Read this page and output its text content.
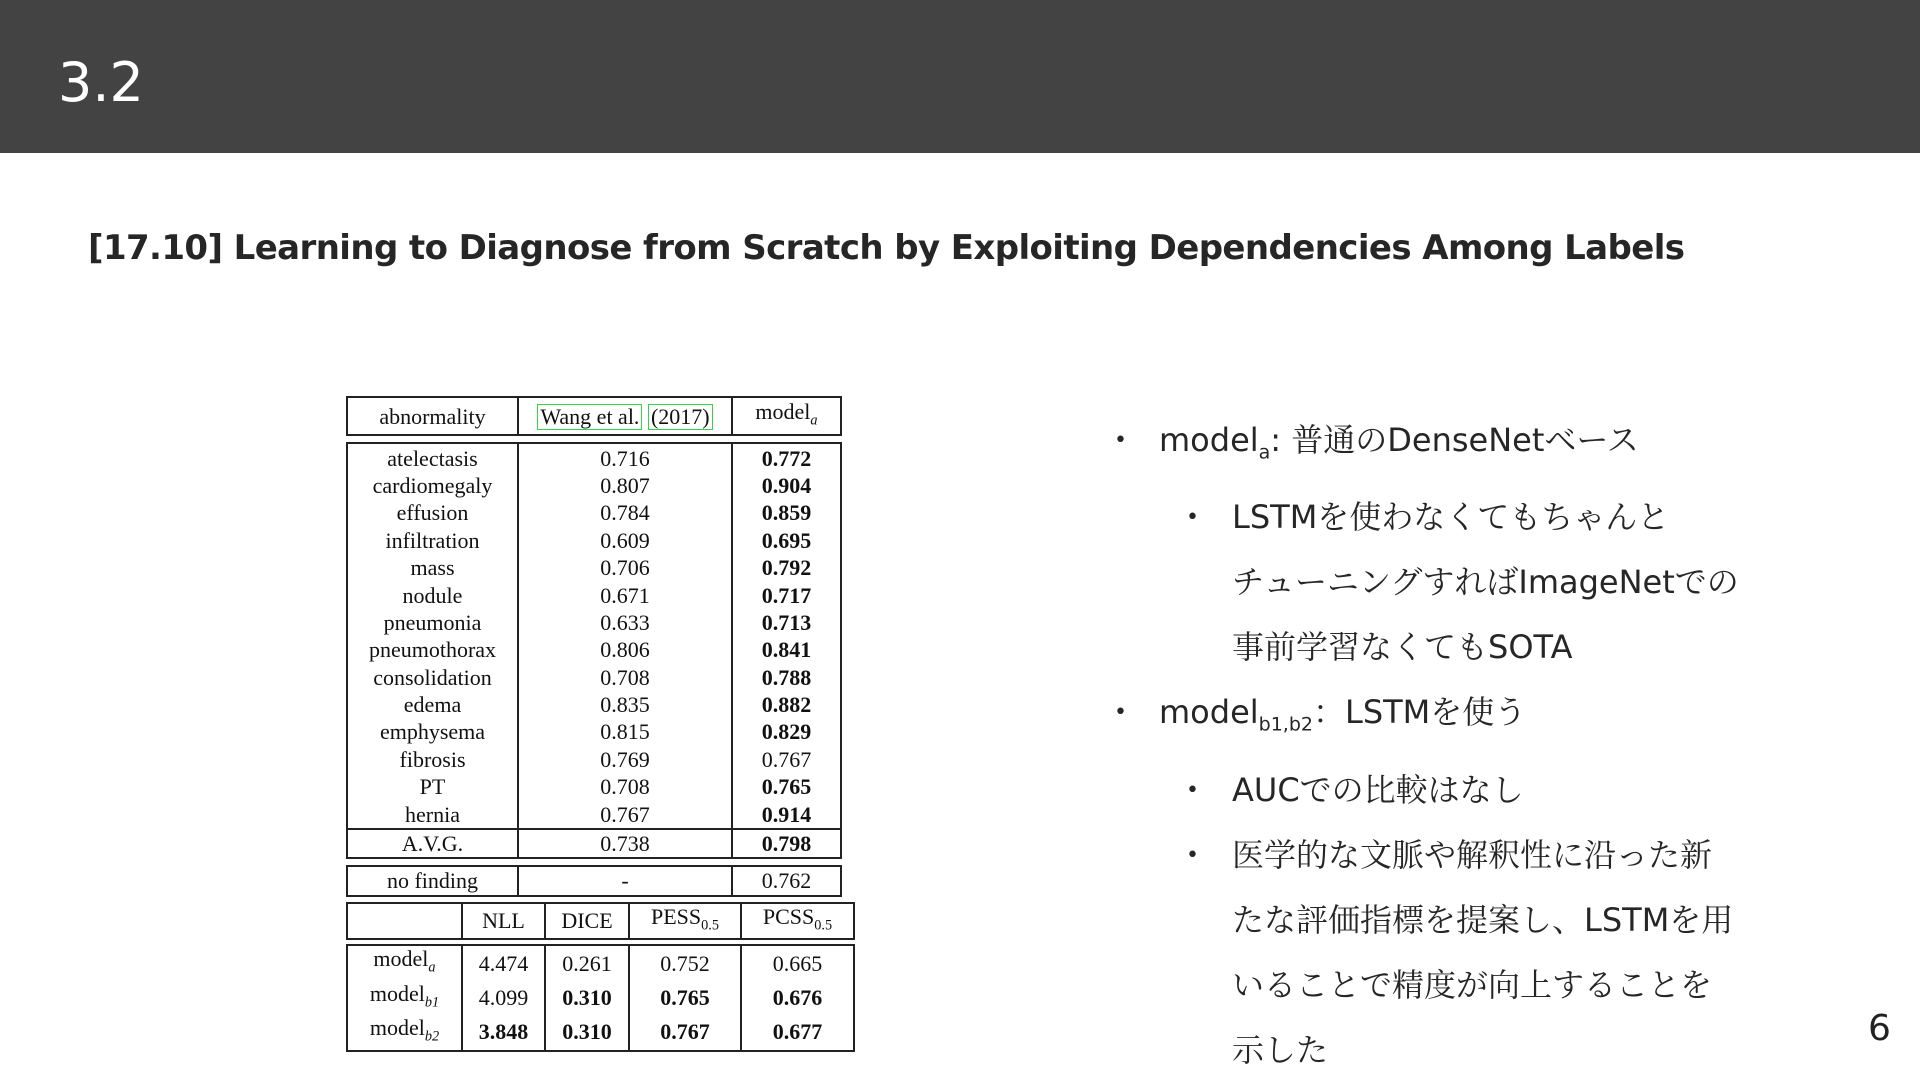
3.2
[17.10] Learning to Diagnose from Scratch by Exploiting Dependencies Among Labels
abnormality	Wang et al. (2017)	model$_a$

atelectasis	0.716	0.772
cardiomegaly	0.807	0.904
effusion	0.784	0.859
infiltration	0.609	0.695
mass	0.706	0.792
nodule	0.671	0.717
pneumonia	0.633	0.713
pneumothorax	0.806	0.841
consolidation	0.708	0.788
edema	0.835	0.882
emphysema	0.815	0.829
fibrosis	0.769	0.767
PT	0.708	0.765
hernia	0.767	0.914
A.V.G.	0.738	0.798

no finding	-	0.762
	NLL	DICE	$PESS_{0.5}$	$PCSS_{0.5}$

model$_a$	4.474	0.261	0.752	0.665
model$_{b1}$	4.099	0.310	0.765	0.676
model$_{b2}$	3.848	0.310	0.767	0.677
• model$_a$: 普通のDenseNetベース
• LSTMを使わなくてもちゃんと
チューニングすればImageNetでの
事前学習なくてもSOTA
• model$_{b1,b2}$：LSTMを使う
• AUCでの比較はなし
• 医学的な文脈や解釈性に沿った新
たな評価指標を提案し、LSTMを用
いることで精度が向上することを
示した
6
